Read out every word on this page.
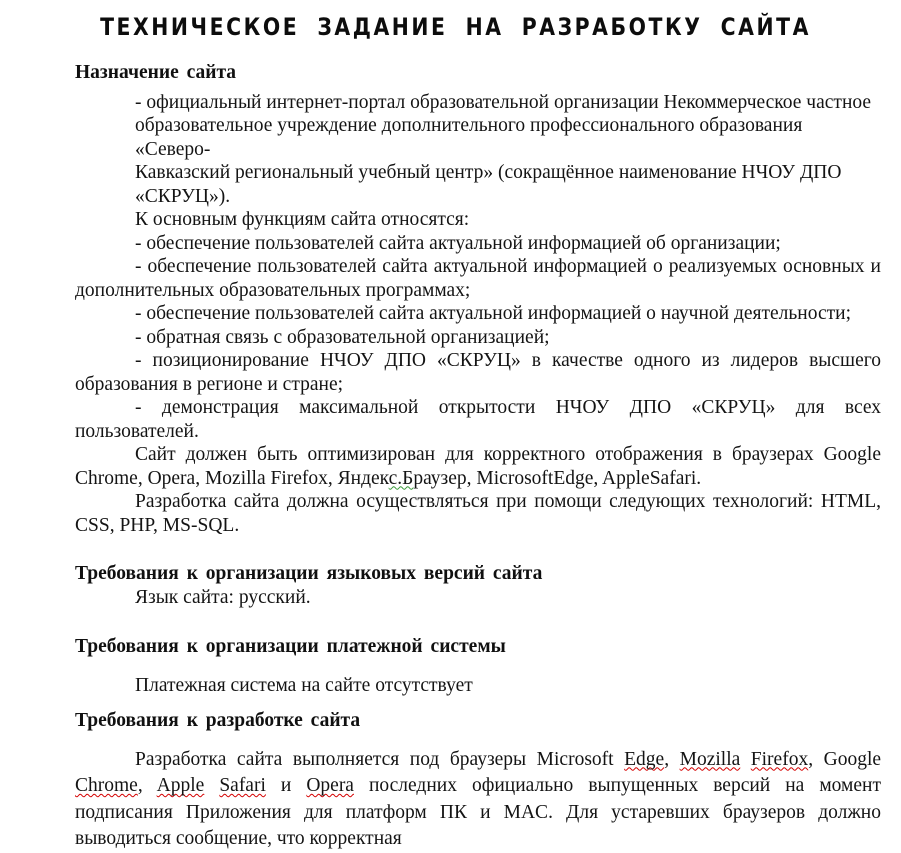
ТЕХНИЧЕСКОЕ ЗАДАНИЕ НА РАЗРАБОТКУ САЙТА
Назначение сайта
- официальный интернет-портал образовательной организации Некоммерческое частное
образовательное учреждение дополнительного профессионального образования «Северо-
Кавказский региональный учебный центр» (сокращённое наименование НЧОУ ДПО
«СКРУЦ»).

К основным функциям сайта относятся:

- обеспечение пользователей сайта актуальной информацией об организации;

- обеспечение пользователей сайта актуальной информацией о реализуемых основных и дополнительных образовательных программах;

- обеспечение пользователей сайта актуальной информацией о научной деятельности;

- обратная связь с образовательной организацией;

- позиционирование НЧОУ ДПО «СКРУЦ» в качестве одного из лидеров высшего образования в регионе и стране;

- демонстрация максимальной открытости НЧОУ ДПО «СКРУЦ» для всех пользователей.

Сайт должен быть оптимизирован для корректного отображения в браузерах Google Chrome, Opera, Mozilla Firefox, Яндекс.Браузер, MicrosoftEdge, AppleSafari.

Разработка сайта должна осуществляться при помощи следующих технологий: HTML, CSS, PHP, MS-SQL.

Требования к организации языковых версий сайта

Язык сайта: русский.

Требования к организации платежной системы

Платежная система на сайте отсутствует

Требования к разработке сайта

Разработка сайта выполняется под браузеры Microsoft Edge, Mozilla Firefox, Google Chrome, Apple Safari и Opera последних официально выпущенных версий на момент подписания Приложения для платформ ПК и MAC. Для устаревших браузеров должно выводиться сообщение, что корректная
